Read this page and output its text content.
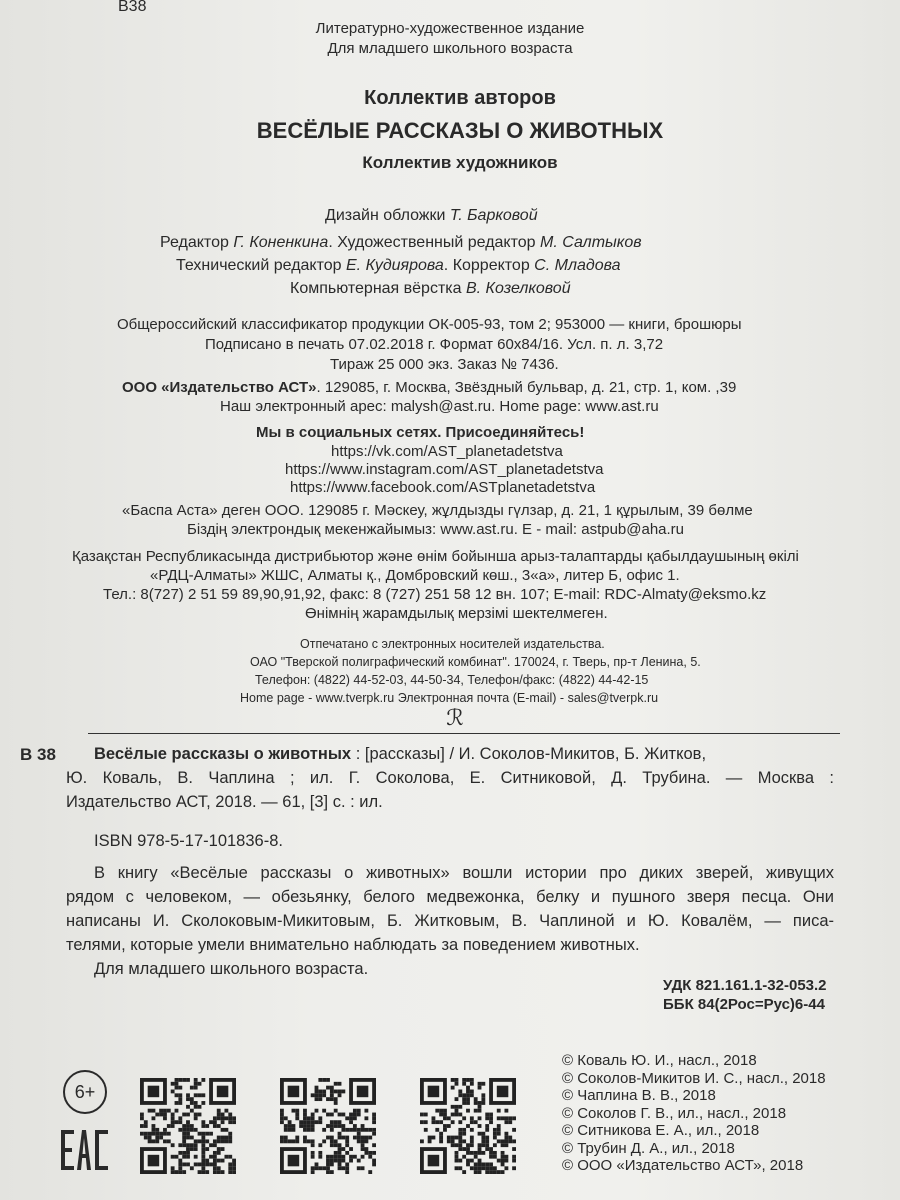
В38
Литературно-художественное издание
Для младшего школьного возраста
Коллектив авторов
ВЕСЁЛЫЕ РАССКАЗЫ О ЖИВОТНЫХ
Коллектив художников
Дизайн обложки Т. Барковой
Редактор Г. Коненкина. Художественный редактор М. Салтыков
Технический редактор Е. Кудиярова. Корректор С. Младова
Компьютерная вёрстка В. Козелковой
Общероссийский классификатор продукции ОК-005-93, том 2; 953000 — книги, брошюры
Подписано в печать 07.02.2018 г. Формат 60x84/16. Усл. п. л. 3,72
Тираж 25 000 экз. Заказ № 7436.
ООО «Издательство АСТ». 129085, г. Москва, Звёздный бульвар, д. 21, стр. 1, ком. ,39
Наш электронный арес: malysh@ast.ru. Home page: www.ast.ru
Мы в социальных сетях. Присоединяйтесь!
https://vk.com/AST_planetadetstva
https://www.instagram.com/AST_planetadetstva
https://www.facebook.com/ASTplanetadetstva
«Баспа Аста» деген ООО. 129085 г. Мәскеу, жұлдызды гүлзар, д. 21, 1 құрылым, 39 бөлме
Біздің электрондық мекенжайымыз: www.ast.ru. E - mail: astpub@aha.ru
Қазақстан Республикасында дистрибьютор және өнім бойынша арыз-талаптарды қабылдаушының өкілі
«РДЦ-Алматы» ЖШС, Алматы қ., Домбровский көш., 3«а», литер Б, офис 1.
Тел.: 8(727) 2 51 59 89,90,91,92, факс: 8 (727) 251 58 12 вн. 107; E-mail: RDC-Almaty@eksmo.kz
Өнімнің жарамдылық мерзімі шектелмеген.
Отпечатано с электронных носителей издательства.
ОАО "Тверской полиграфический комбинат". 170024, г. Тверь, пр-т Ленина, 5.
Телефон: (4822) 44-52-03, 44-50-34, Телефон/факс: (4822) 44-42-15
Home page - www.tverpk.ru Электронная почта (E-mail) - sales@tverpk.ru
ℛ
В 38 Весёлые рассказы о животных : [рассказы] / И. Соколов-Микитов, Б. Житков,
Ю. Коваль, В. Чаплина ; ил. Г. Соколова, Е. Ситниковой, Д. Трубина. — Москва :
Издательство АСТ, 2018. — 61, [3] с. : ил.
ISBN 978-5-17-101836-8.
В книгу «Весёлые рассказы о животных» вошли истории про диких зверей, живущих
рядом с человеком, — обезьянку, белого медвежонка, белку и пушного зверя песца. Они
написаны И. Сколоковым-Микитовым, Б. Житковым, В. Чаплиной и Ю. Ковалём, — писа-
телями, которые умели внимательно наблюдать за поведением животных.
Для младшего школьного возраста.
УДК 821.161.1-32-053.2
ББК 84(2Рос=Рус)6-44
6+
© Коваль Ю. И., насл., 2018
© Соколов-Микитов И. С., насл., 2018
© Чаплина В. В., 2018
© Соколов Г. В., ил., насл., 2018
© Ситникова Е. А., ил., 2018
© Трубин Д. А., ил., 2018
© ООО «Издательство АСТ», 2018
